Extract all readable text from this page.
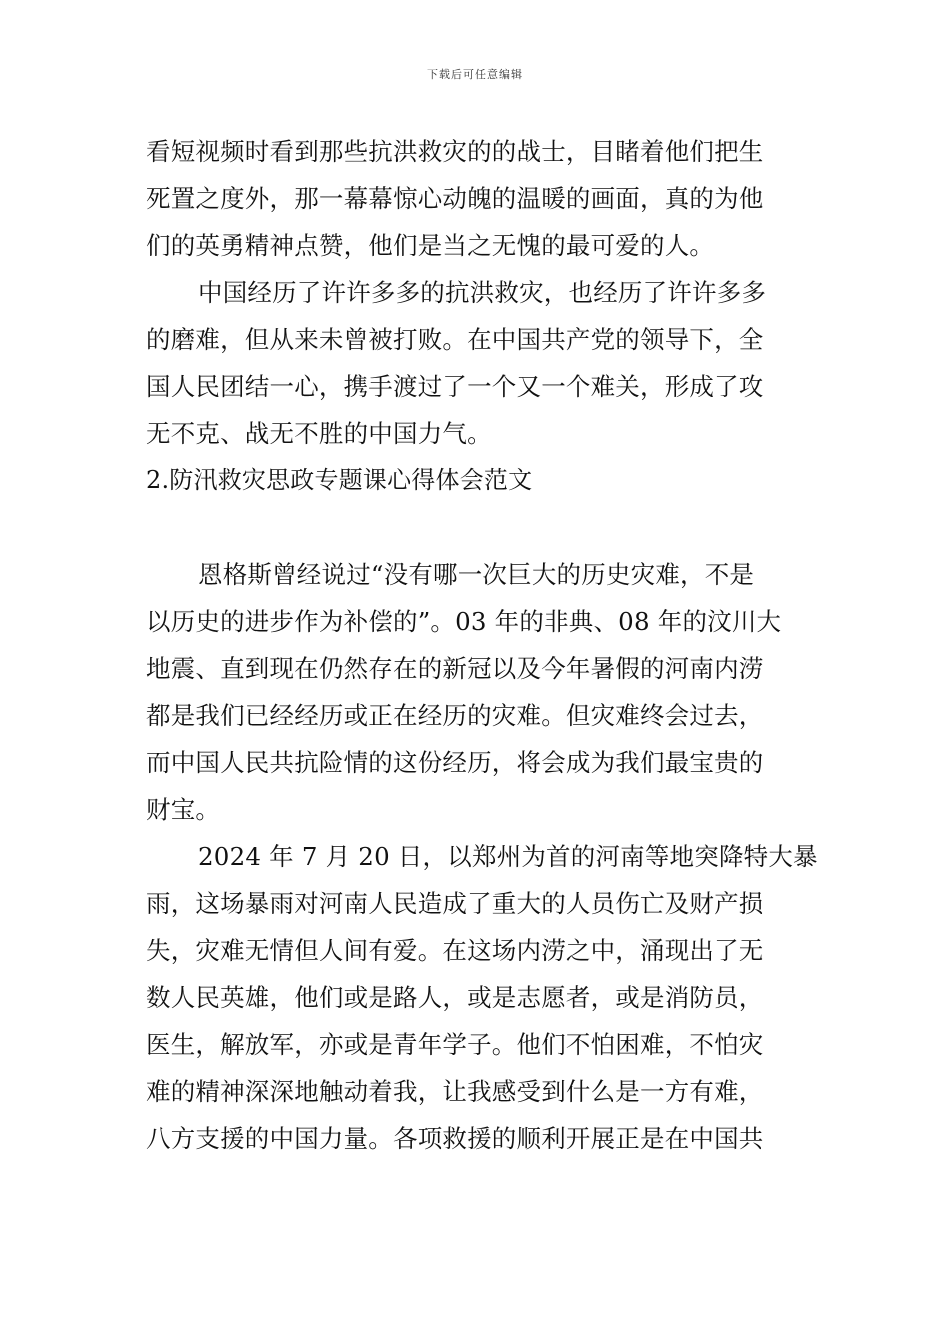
下载后可任意编辑
看短视频时看到那些抗洪救灾的的战士，目睹着他们把生
死置之度外，那一幕幕惊心动魄的温暖的画面，真的为他
们的英勇精神点赞，他们是当之无愧的最可爱的人。
中国经历了许许多多的抗洪救灾，也经历了许许多多
的磨难，但从来未曾被打败。在中国共产党的领导下，全
国人民团结一心，携手渡过了一个又一个难关，形成了攻
无不克、战无不胜的中国力气。
2.防汛救灾思政专题课心得体会范文
恩格斯曾经说过“没有哪一次巨大的历史灾难，不是
以历史的进步作为补偿的”。03 年的非典、08 年的汶川大
地震、直到现在仍然存在的新冠以及今年暑假的河南内涝
都是我们已经经历或正在经历的灾难。但灾难终会过去，
而中国人民共抗险情的这份经历，将会成为我们最宝贵的
财宝。
2024 年 7 月 20 日，以郑州为首的河南等地突降特大暴
雨，这场暴雨对河南人民造成了重大的人员伤亡及财产损
失，灾难无情但人间有爱。在这场内涝之中，涌现出了无
数人民英雄，他们或是路人，或是志愿者，或是消防员，
医生，解放军，亦或是青年学子。他们不怕困难，不怕灾
难的精神深深地触动着我，让我感受到什么是一方有难，
八方支援的中国力量。各项救援的顺利开展正是在中国共
